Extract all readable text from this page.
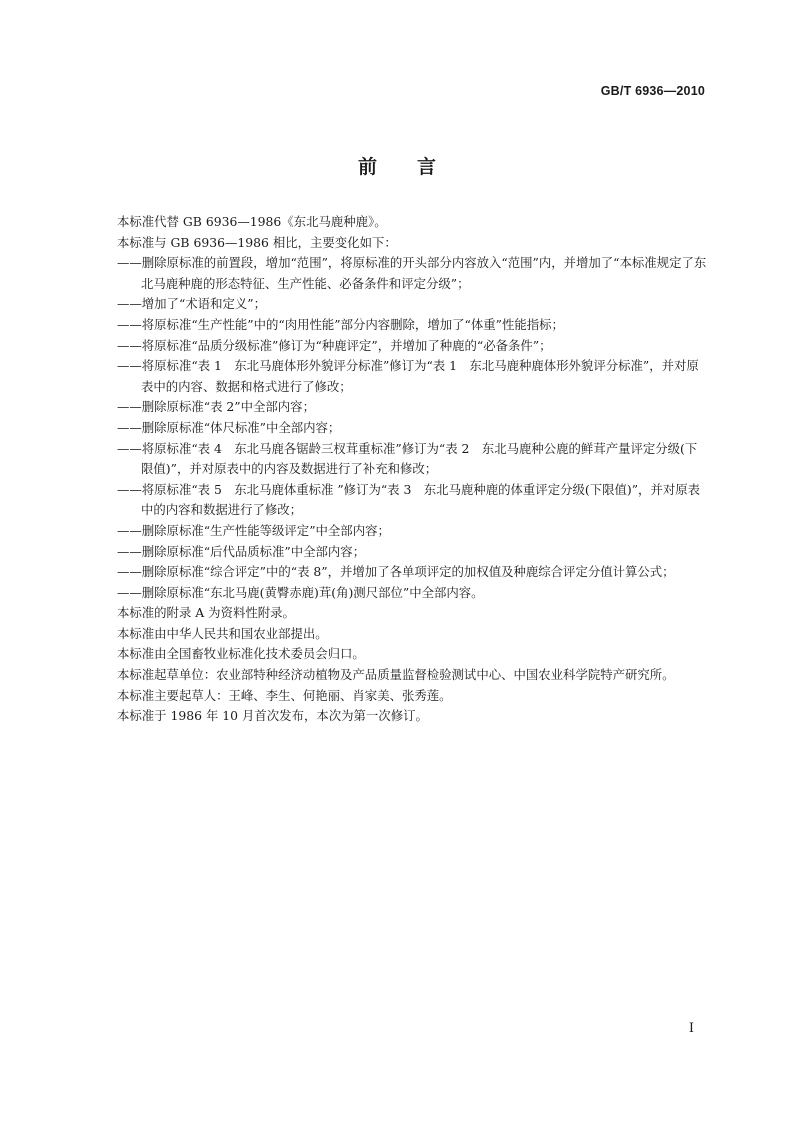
GB/T 6936—2010
前言

本标准代替 GB 6936—1986《东北马鹿种鹿》。

本标准与 GB 6936—1986 相比，主要变化如下：

——删除原标准的前置段，增加“范围”，将原标准的开头部分内容放入“范围”内，并增加了“本标准规定了东北马鹿种鹿的形态特征、生产性能、必备条件和评定分级”；

——增加了“术语和定义”；

——将原标准“生产性能”中的“肉用性能”部分内容删除，增加了“体重”性能指标；

——将原标准“品质分级标准”修订为“种鹿评定”，并增加了种鹿的“必备条件”；

——将原标准“表 1　东北马鹿体形外貌评分标准”修订为“表 1　东北马鹿种鹿体形外貌评分标准”，并对原表中的内容、数据和格式进行了修改；

——删除原标准“表 2”中全部内容；

——删除原标准“体尺标准”中全部内容；

——将原标准“表 4　东北马鹿各锯龄三杈茸重标准”修订为“表 2　东北马鹿种公鹿的鲜茸产量评定分级(下限值)”，并对原表中的内容及数据进行了补充和修改；

——将原标准“表 5　东北马鹿体重标准 ”修订为“表 3　东北马鹿种鹿的体重评定分级(下限值)”，并对原表中的内容和数据进行了修改；

——删除原标准“生产性能等级评定”中全部内容；

——删除原标准“后代品质标准”中全部内容；

——删除原标准“综合评定”中的“表 8”，并增加了各单项评定的加权值及种鹿综合评定分值计算公式；

——删除原标准“东北马鹿(黄臀赤鹿)茸(角)测尺部位”中全部内容。

本标准的附录 A 为资料性附录。

本标准由中华人民共和国农业部提出。

本标准由全国畜牧业标准化技术委员会归口。

本标准起草单位：农业部特种经济动植物及产品质量监督检验测试中心、中国农业科学院特产研究所。

本标准主要起草人：王峰、李生、何艳丽、肖家美、张秀莲。

本标准于 1986 年 10 月首次发布，本次为第一次修订。

I
